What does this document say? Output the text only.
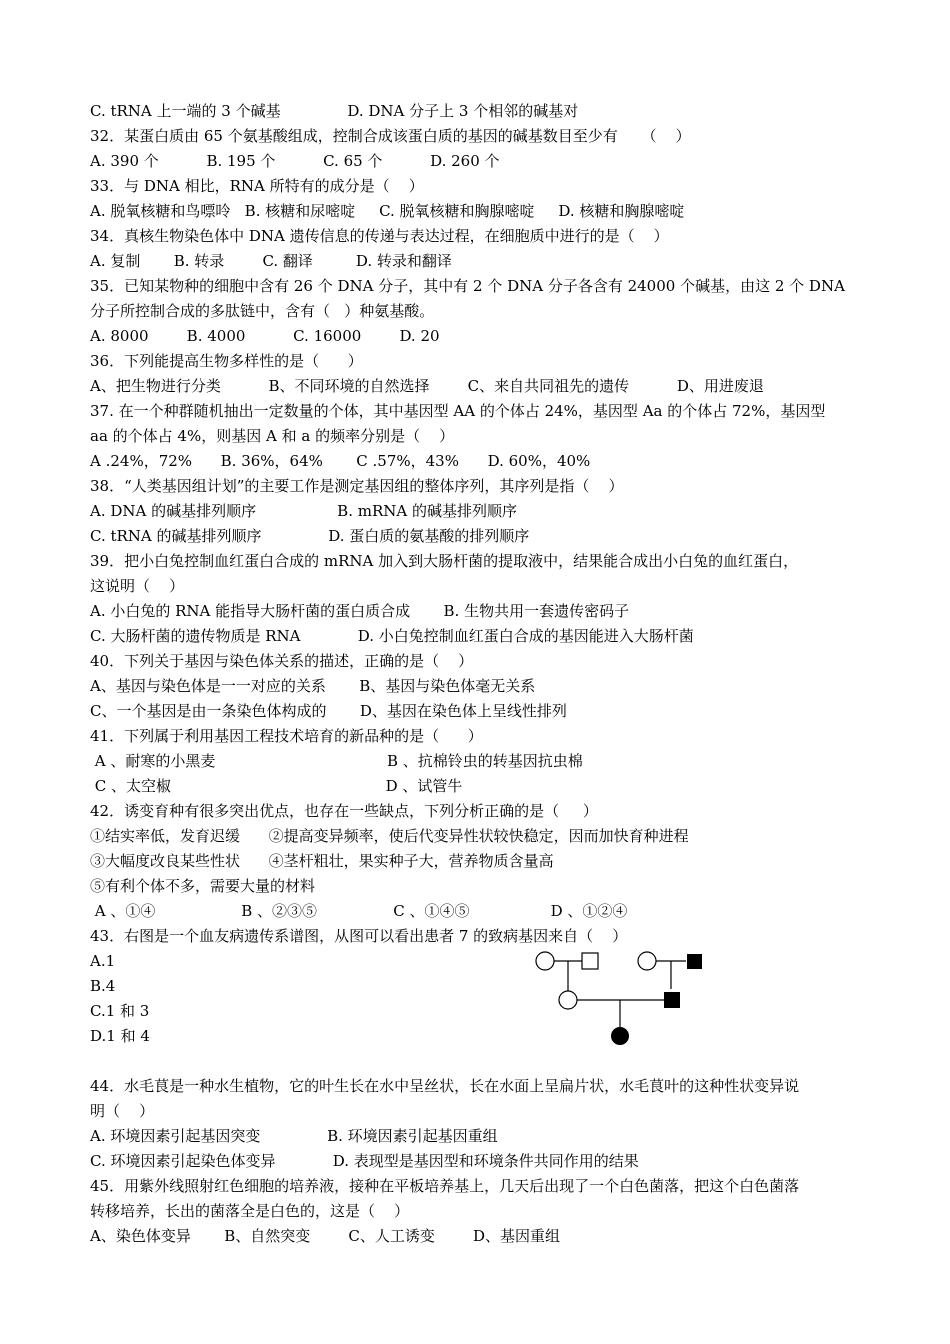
C. tRNA 上一端的 3 个碱基              D. DNA 分子上 3 个相邻的碱基对
32．某蛋白质由 65 个氨基酸组成，控制合成该蛋白质的基因的碱基数目至少有     （    ）
A. 390 个          B. 195 个          C. 65 个          D. 260 个
33．与 DNA 相比，RNA 所特有的成分是（    ）
A. 脱氧核糖和鸟嘌呤   B. 核糖和尿嘧啶     C. 脱氧核糖和胸腺嘧啶     D. 核糖和胸腺嘧啶
34．真核生物染色体中 DNA 遗传信息的传递与表达过程，在细胞质中进行的是（    ）
A. 复制       B. 转录        C. 翻译         D. 转录和翻译
35．已知某物种的细胞中含有 26 个 DNA 分子，其中有 2 个 DNA 分子各含有 24000 个碱基，由这 2 个 DNA
分子所控制合成的多肽链中，含有（   ）种氨基酸。
A. 8000        B. 4000          C. 16000        D. 20
36．下列能提高生物多样性的是（      ）
A、把生物进行分类          B、不同环境的自然选择        C、来自共同祖先的遗传          D、用进废退
37. 在一个种群随机抽出一定数量的个体，其中基因型 AA 的个体占 24%，基因型 Aa 的个体占 72%，基因型
aa 的个体占 4%，则基因 A 和 a 的频率分别是（    ）
A .24%，72%      B. 36%，64%       C .57%，43%      D. 60%，40%
38．“人类基因组计划”的主要工作是测定基因组的整体序列，其序列是指（    ）
A. DNA 的碱基排列顺序                 B. mRNA 的碱基排列顺序
C. tRNA 的碱基排列顺序              D. 蛋白质的氨基酸的排列顺序
39．把小白兔控制血红蛋白合成的 mRNA 加入到大肠杆菌的提取液中，结果能合成出小白兔的血红蛋白，
这说明（    ）
A. 小白兔的 RNA 能指导大肠杆菌的蛋白质合成       B. 生物共用一套遗传密码子
C. 大肠杆菌的遗传物质是 RNA            D. 小白兔控制血红蛋白合成的基因能进入大肠杆菌
40．下列关于基因与染色体关系的描述，正确的是（    ）
A、基因与染色体是一一对应的关系       B、基因与染色体毫无关系
C、一个基因是由一条染色体构成的       D、基因在染色体上呈线性排列
41．下列属于利用基因工程技术培育的新品种的是（      ）
A 、耐寒的小黑麦                                    B 、抗棉铃虫的转基因抗虫棉
C 、太空椒                                             D 、试管牛
42．诱变育种有很多突出优点，也存在一些缺点，下列分析正确的是（     ）
①结实率低，发育迟缓      ②提高变异频率，使后代变异性状较快稳定，因而加快育种进程
③大幅度改良某些性状      ④茎杆粗壮，果实种子大，营养物质含量高
⑤有利个体不多，需要大量的材料
A 、①④                  B 、②③⑤                C 、①④⑤                 D 、①②④
43．右图是一个血友病遗传系谱图，从图可以看出患者 7 的致病基因来自（    ）
A.1
B.4
C.1 和 3
D.1 和 4
44．水毛茛是一种水生植物，它的叶生长在水中呈丝状，长在水面上呈扁片状，水毛茛叶的这种性状变异说
明（    ）
A. 环境因素引起基因突变              B. 环境因素引起基因重组
C. 环境因素引起染色体变异            D. 表现型是基因型和环境条件共同作用的结果
45．用紫外线照射红色细胞的培养液，接种在平板培养基上，几天后出现了一个白色菌落，把这个白色菌落
转移培养，长出的菌落全是白色的，这是（    ）
A、染色体变异       B、自然突变        C、人工诱变        D、基因重组
